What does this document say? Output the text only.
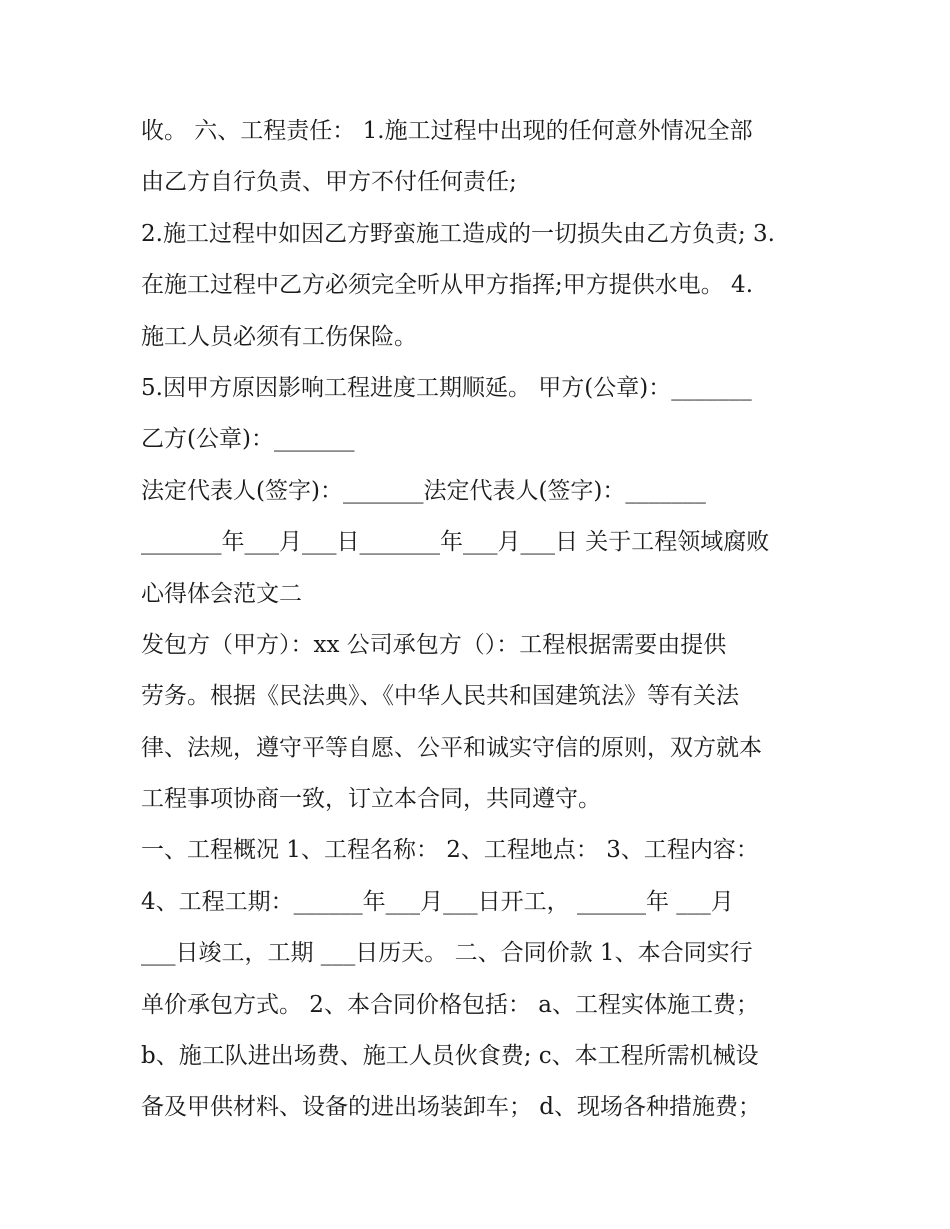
收。 六、工程责任： 1.施工过程中出现的任何意外情况全部

由乙方自行负责、甲方不付任何责任;

2.施工过程中如因乙方野蛮施工造成的一切损失由乙方负责; 3.

在施工过程中乙方必须完全听从甲方指挥;甲方提供水电。 4.

施工人员必须有工伤保险。

5.因甲方原因影响工程进度工期顺延。 甲方(公章)：_______

乙方(公章)：_______

法定代表人(签字)：_______法定代表人(签字)：_______

_______年___月___日_______年___月___日 关于工程领域腐败

心得体会范文二

发包方（甲方）：xx 公司承包方（）：工程根据需要由提供

劳务。根据《民法典》、《中华人民共和国建筑法》等有关法

律、法规，遵守平等自愿、公平和诚实守信的原则，双方就本

工程事项协商一致，订立本合同，共同遵守。

一、工程概况 1、工程名称： 2、工程地点： 3、工程内容：

4、工程工期：______年___月___日开工， ______年 ___月

___日竣工，工期 ___日历天。 二、合同价款 1、本合同实行

单价承包方式。 2、本合同价格包括： a、工程实体施工费；

b、施工队进出场费、施工人员伙食费; c、本工程所需机械设

备及甲供材料、设备的进出场装卸车； d、现场各种措施费；
